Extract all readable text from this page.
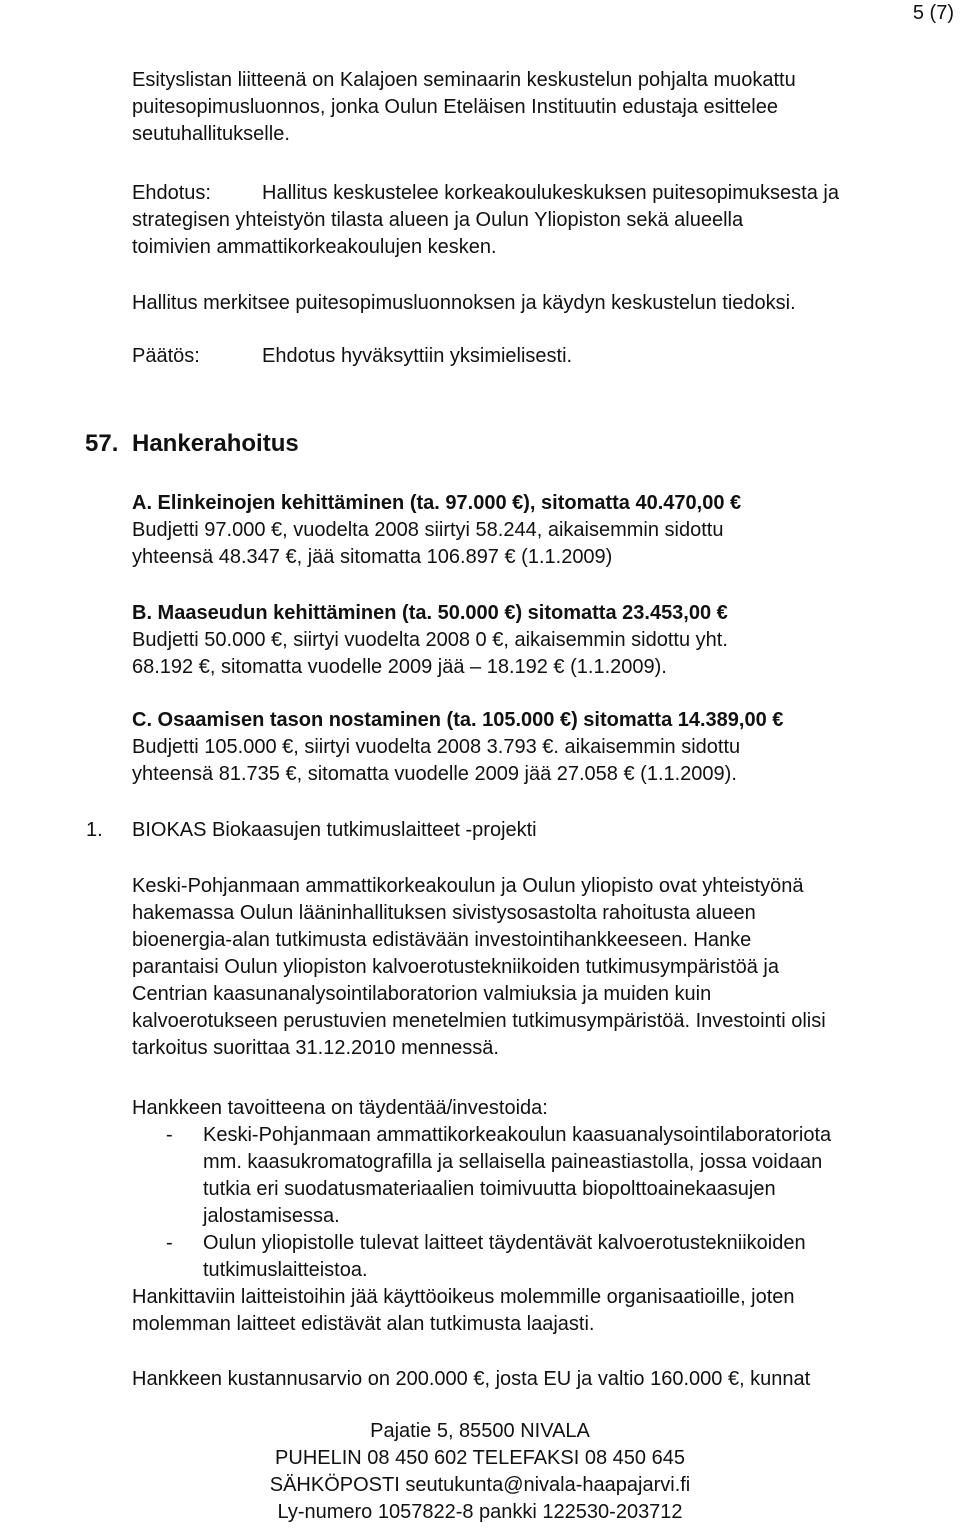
5 (7)
Esityslistan liitteenä on Kalajoen seminaarin keskustelun pohjalta muokattu
puitesopimusluonnos, jonka Oulun Eteläisen Instituutin edustaja esittelee
seutuhallitukselle.
Ehdotus:	Hallitus keskustelee korkeakoulukeskuksen puitesopimuksesta ja
strategisen yhteistyön tilasta alueen ja Oulun Yliopiston sekä alueella
toimivien ammattikorkeakoulujen kesken.
Hallitus merkitsee puitesopimusluonnoksen ja käydyn keskustelun tiedoksi.
Päätös:	Ehdotus hyväksyttiin yksimielisesti.
57. Hankerahoitus
A. Elinkeinojen kehittäminen (ta. 97.000 €), sitomatta 40.470,00 €
Budjetti 97.000 €, vuodelta 2008 siirtyi 58.244, aikaisemmin sidottu
yhteensä 48.347 €, jää sitomatta 106.897 € (1.1.2009)
B. Maaseudun kehittäminen (ta. 50.000 €) sitomatta 23.453,00 €
Budjetti 50.000 €, siirtyi vuodelta 2008 0 €, aikaisemmin sidottu yht.
68.192 €, sitomatta vuodelle 2009 jää – 18.192 € (1.1.2009).
C. Osaamisen tason nostaminen (ta. 105.000 €) sitomatta 14.389,00 €
Budjetti 105.000 €, siirtyi vuodelta 2008 3.793 €. aikaisemmin sidottu
yhteensä 81.735 €, sitomatta vuodelle 2009 jää 27.058 € (1.1.2009).
1. BIOKAS Biokaasujen tutkimuslaitteet -projekti
Keski-Pohjanmaan ammattikorkeakoulun ja Oulun yliopisto ovat yhteistyönä
hakemassa Oulun lääninhallituksen sivistysosastolta rahoitusta alueen
bioenergia-alan tutkimusta edistävään investointihankkeeseen. Hanke
parantaisi Oulun yliopiston kalvoerotustekniikoiden tutkimusympäristöä ja
Centrian kaasunanalysointilaboratorion valmiuksia ja muiden kuin
kalvoerotukseen perustuvien menetelmien tutkimusympäristöä. Investointi olisi
tarkoitus suorittaa 31.12.2010 mennessä.
Hankkeen tavoitteena on täydentää/investoida:
- Keski-Pohjanmaan ammattikorkeakoulun kaasuanalysointilaboratoriota
mm. kaasukromatografilla ja sellaisella paineastiastolla, jossa voidaan
tutkia eri suodatusmateriaalien toimivuutta biopolttoainekaasujen
jalostamisessa.
- Oulun yliopistolle tulevat laitteet täydentävät kalvoerotustekniikoiden
tutkimuslaitteistoa.
Hankittaviin laitteistoihin jää käyttöoikeus molemmille organisaatioille, joten
molemman laitteet edistävät alan tutkimusta laajasti.
Hankkeen kustannusarvio on 200.000 €, josta EU ja valtio 160.000 €, kunnat
Pajatie 5, 85500 NIVALA
PUHELIN 08 450 602 TELEFAKSI 08 450 645
SÄHKÖPOSTI seutukunta@nivala-haapajarvi.fi
Ly-numero 1057822-8 pankki 122530-203712
